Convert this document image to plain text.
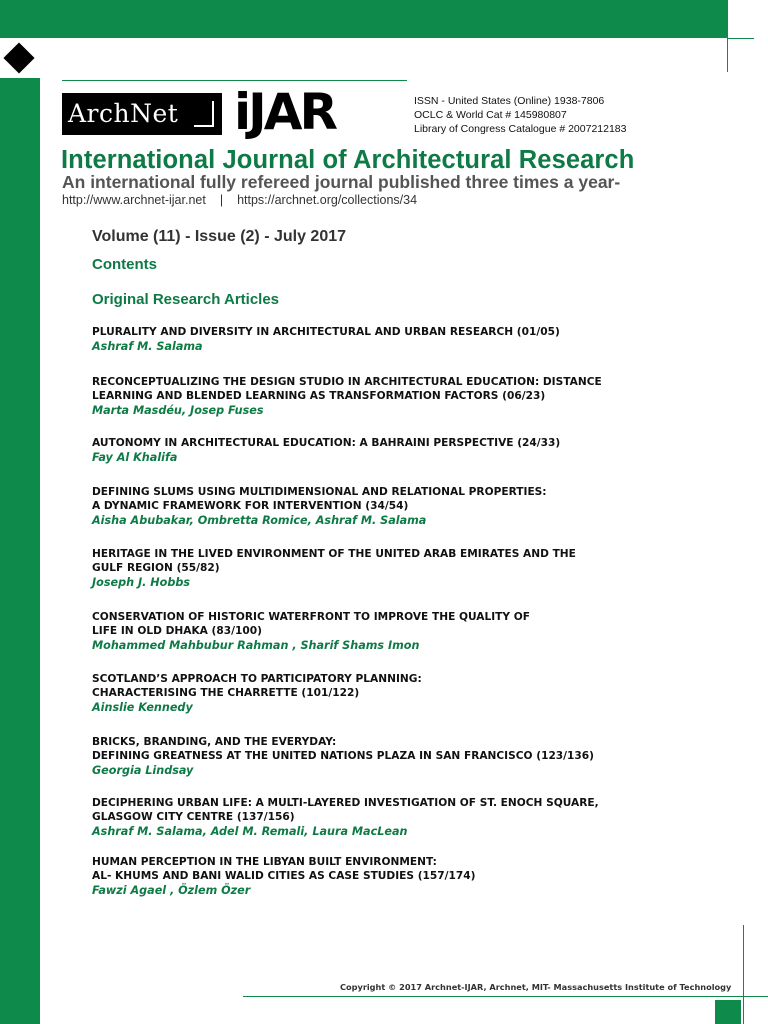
ArchNet	iJAR	ISSN - United States (Online) 1938-7806
OCLC & World Cat # 145980807
Library of Congress Catalogue # 2007212183
International Journal of Architectural Research
An international fully refereed journal published three times a year-
http://www.archnet-ijar.net | https://archnet.org/collections/34
Volume (11) - Issue (2) - July 2017
Contents
Original Research Articles
PLURALITY AND DIVERSITY IN ARCHITECTURAL AND URBAN RESEARCH (01/05)
Ashraf M. Salama
RECONCEPTUALIZING THE DESIGN STUDIO IN ARCHITECTURAL EDUCATION: DISTANCE
LEARNING AND BLENDED LEARNING AS TRANSFORMATION FACTORS (06/23)
Marta Masdéu, Josep Fuses
AUTONOMY IN ARCHITECTURAL EDUCATION: A BAHRAINI PERSPECTIVE (24/33)
Fay Al Khalifa
DEFINING SLUMS USING MULTIDIMENSIONAL AND RELATIONAL PROPERTIES:
A DYNAMIC FRAMEWORK FOR INTERVENTION (34/54)
Aisha Abubakar, Ombretta Romice, Ashraf M. Salama
HERITAGE IN THE LIVED ENVIRONMENT OF THE UNITED ARAB EMIRATES AND THE
GULF REGION (55/82)
Joseph J. Hobbs
CONSERVATION OF HISTORIC WATERFRONT TO IMPROVE THE QUALITY OF
LIFE IN OLD DHAKA (83/100)
Mohammed Mahbubur Rahman , Sharif Shams Imon
SCOTLAND’S APPROACH TO PARTICIPATORY PLANNING:
CHARACTERISING THE CHARRETTE (101/122)
Ainslie Kennedy
BRICKS, BRANDING, AND THE EVERYDAY:
DEFINING GREATNESS AT THE UNITED NATIONS PLAZA IN SAN FRANCISCO (123/136)
Georgia Lindsay
DECIPHERING URBAN LIFE: A MULTI-LAYERED INVESTIGATION OF ST. ENOCH SQUARE,
GLASGOW CITY CENTRE (137/156)
Ashraf M. Salama, Adel M. Remali, Laura MacLean
HUMAN PERCEPTION IN THE LIBYAN BUILT ENVIRONMENT:
AL- KHUMS AND BANI WALID CITIES AS CASE STUDIES (157/174)
Fawzi Agael , Özlem Özer
Copyright © 2017 Archnet-IJAR, Archnet, MIT- Massachusetts Institute of Technology
